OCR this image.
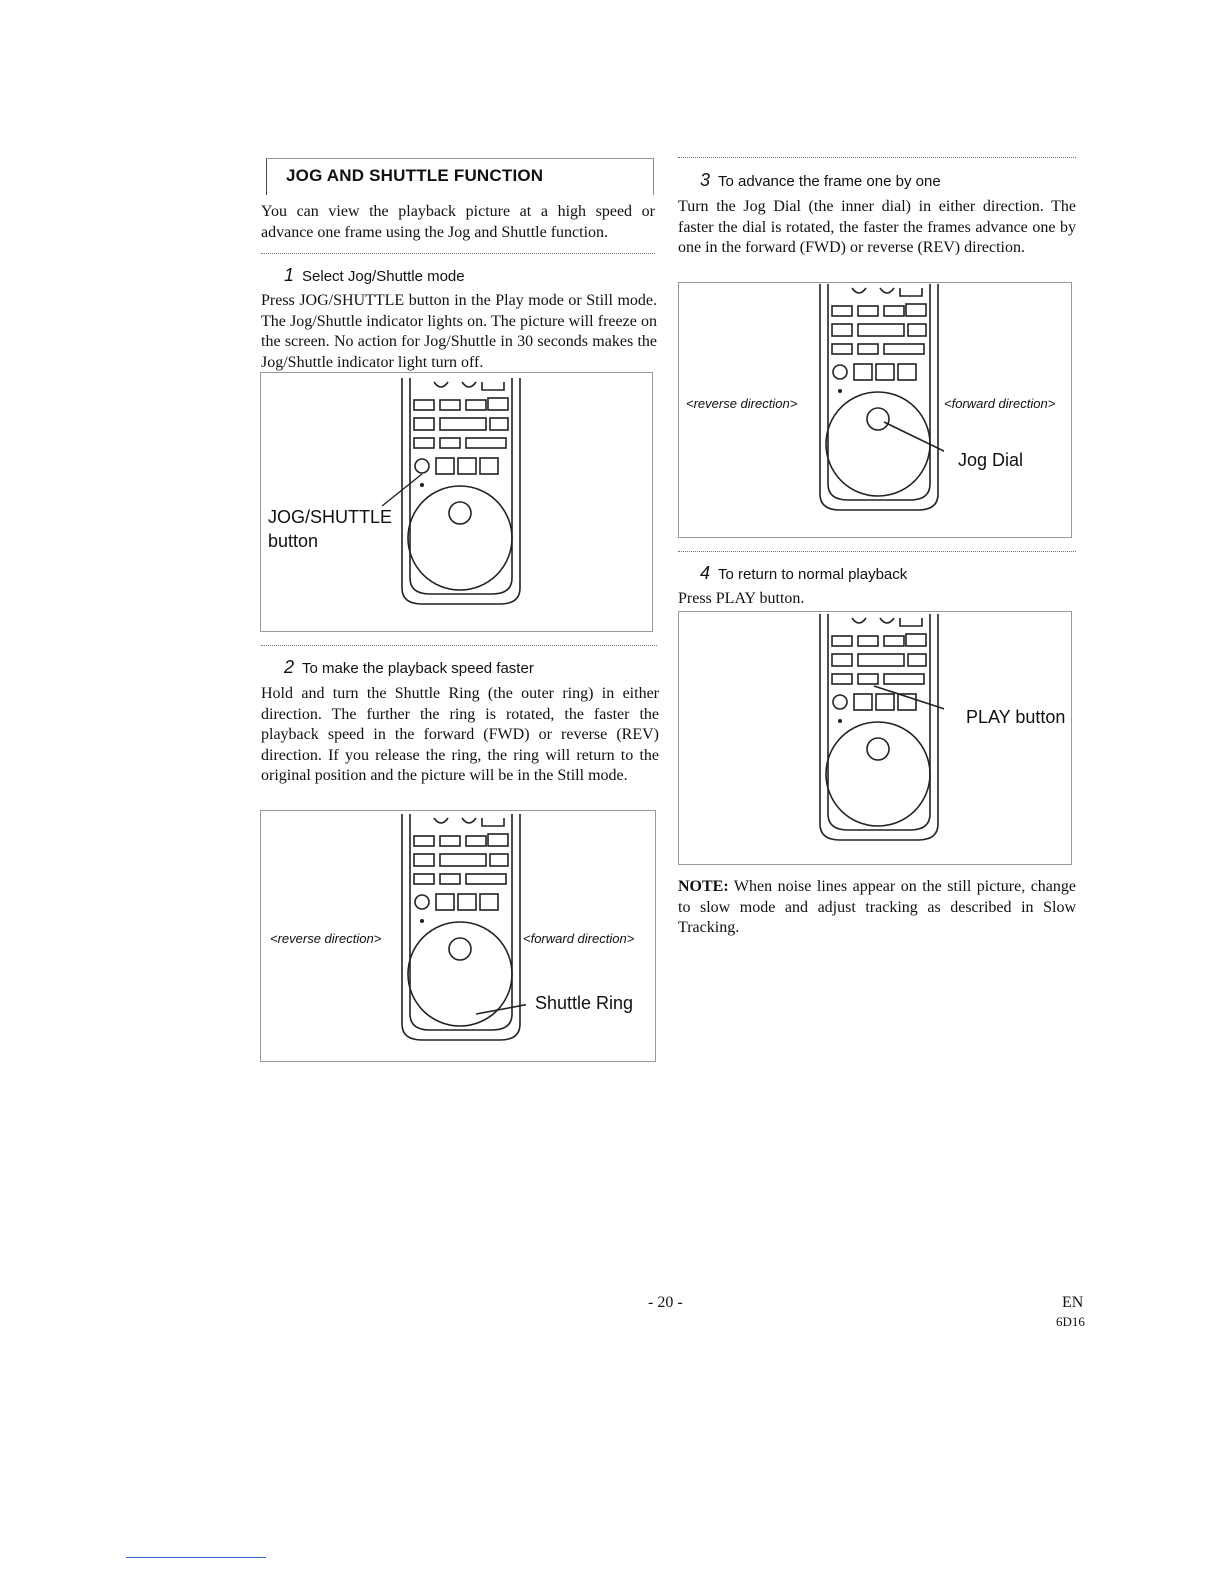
JOG AND SHUTTLE FUNCTION
You can view the playback picture at a high speed or advance one frame using the Jog and Shuttle function.
1 Select Jog/Shuttle mode
Press JOG/SHUTTLE button in the Play mode or Still mode. The Jog/Shuttle indicator lights on. The picture will freeze on the screen. No action for Jog/Shuttle in 30 seconds makes the Jog/Shuttle indicator light turn off.
JOG/SHUTTLE
button
2 To make the playback speed faster
Hold and turn the Shuttle Ring (the outer ring) in either direction. The further the ring is rotated, the faster the playback speed in the forward (FWD) or reverse (REV) direction. If you release the ring, the ring will return to the original position and the picture will be in the Still mode.
<reverse direction>	<forward direction>
Shuttle Ring
3 To advance the frame one by one
Turn the Jog Dial (the inner dial) in either direction. The faster the dial is rotated, the faster the frames advance one by one in the forward (FWD) or reverse (REV) direction.
<reverse direction>	<forward direction>
Jog Dial
4 To return to normal playback
Press PLAY button.
PLAY button
NOTE: When noise lines appear on the still picture, change to slow mode and adjust tracking as described in Slow Tracking.
- 20 -	EN
6D16
